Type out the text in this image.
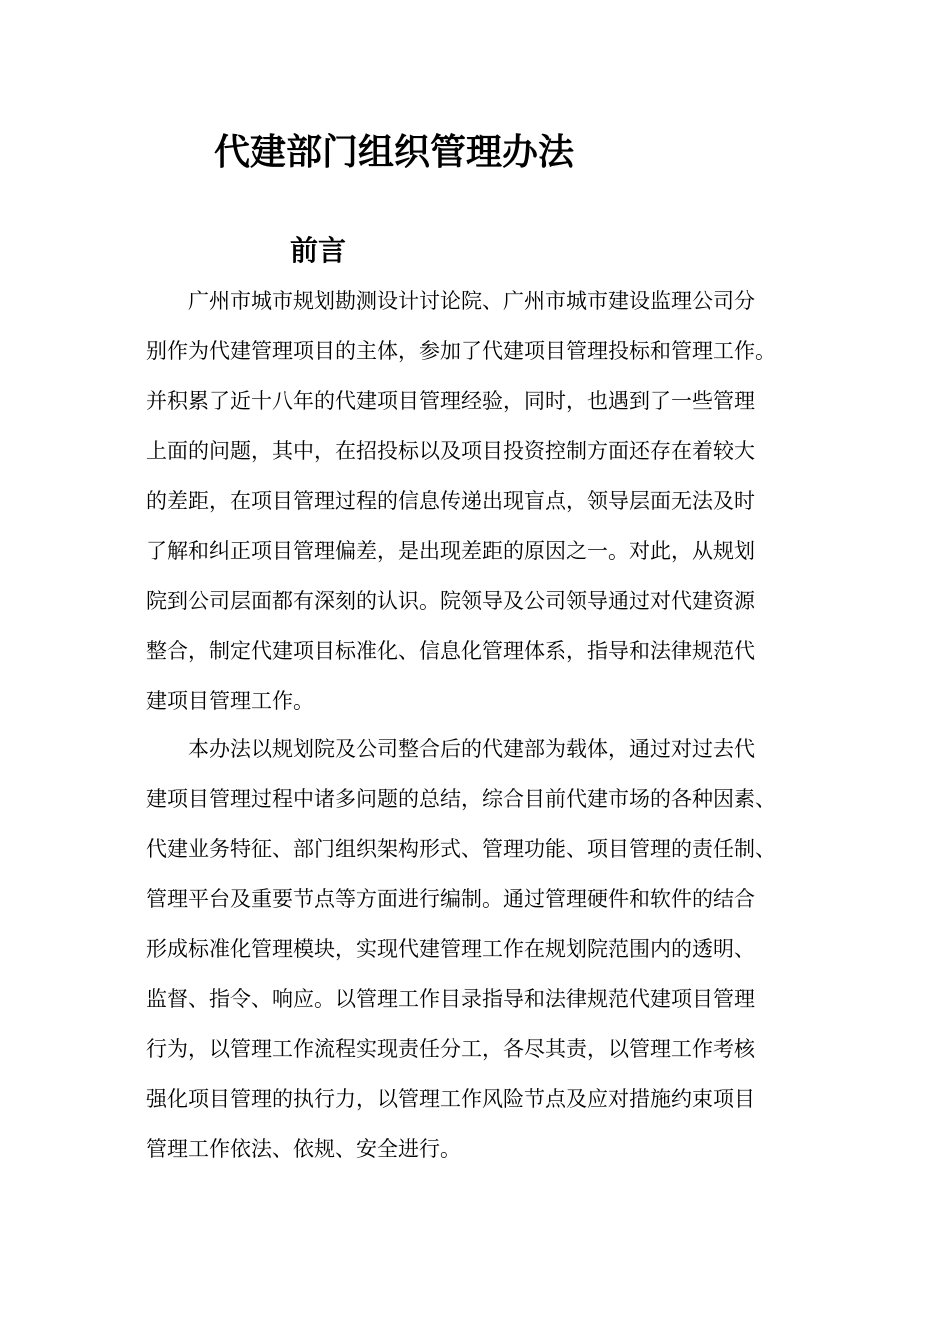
代建部门组织管理办法
前言

广州市城市规划勘测设计讨论院、广州市城市建设监理公司分

别作为代建管理项目的主体，参加了代建项目管理投标和管理工作。

并积累了近十八年的代建项目管理经验，同时，也遇到了一些管理

上面的问题，其中，在招投标以及项目投资控制方面还存在着较大

的差距，在项目管理过程的信息传递出现盲点，领导层面无法及时

了解和纠正项目管理偏差，是出现差距的原因之一。对此，从规划

院到公司层面都有深刻的认识。院领导及公司领导通过对代建资源

整合，制定代建项目标准化、信息化管理体系，指导和法律规范代

建项目管理工作。

本办法以规划院及公司整合后的代建部为载体，通过对过去代

建项目管理过程中诸多问题的总结，综合目前代建市场的各种因素、

代建业务特征、部门组织架构形式、管理功能、项目管理的责任制、

管理平台及重要节点等方面进行编制。通过管理硬件和软件的结合

形成标准化管理模块，实现代建管理工作在规划院范围内的透明、

监督、指令、响应。以管理工作目录指导和法律规范代建项目管理

行为，以管理工作流程实现责任分工，各尽其责，以管理工作考核

强化项目管理的执行力，以管理工作风险节点及应对措施约束项目

管理工作依法、依规、安全进行。
